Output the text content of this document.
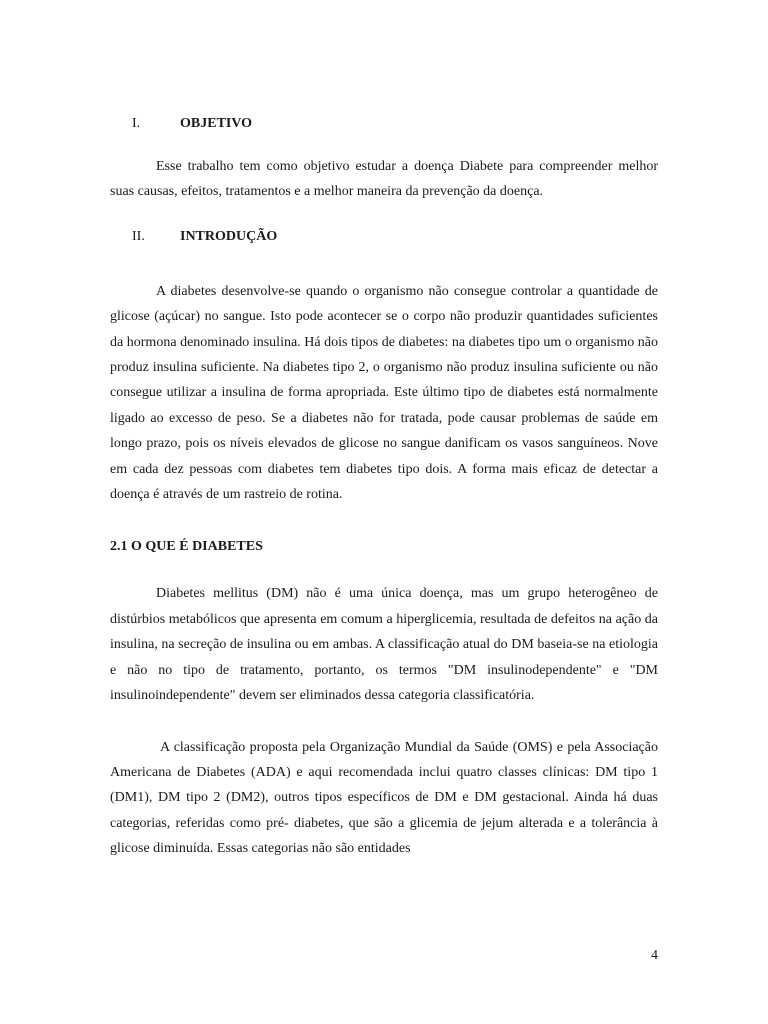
I.	OBJETIVO

Esse trabalho tem como objetivo estudar a doença Diabete para compreender melhor suas causas, efeitos, tratamentos e a melhor maneira da prevenção da doença.

II.	INTRODUÇÃO

A diabetes desenvolve-se quando o organismo não consegue controlar a quantidade de glicose (açúcar) no sangue. Isto pode acontecer se o corpo não produzir quantidades suficientes da hormona denominado insulina. Há dois tipos de diabetes: na diabetes tipo um o organismo não produz insulina suficiente. Na diabetes tipo 2, o organismo não produz insulina suficiente ou não consegue utilizar a insulina de forma apropriada. Este último tipo de diabetes está normalmente ligado ao excesso de peso. Se a diabetes não for tratada, pode causar problemas de saúde em longo prazo, pois os níveis elevados de glicose no sangue danificam os vasos sanguíneos. Nove em cada dez pessoas com diabetes tem diabetes tipo dois. A forma mais eficaz de detectar a doença é através de um rastreio de rotina.

2.1 O QUE É DIABETES

Diabetes mellitus (DM) não é uma única doença, mas um grupo heterogêneo de distúrbios metabólicos que apresenta em comum a hiperglicemia, resultada de defeitos na ação da insulina, na secreção de insulina ou em ambas. A classificação atual do DM baseia-se na etiologia e não no tipo de tratamento, portanto, os termos "DM insulinodependente" e "DM insulinoindependente" devem ser eliminados dessa categoria classificatória.

A classificação proposta pela Organização Mundial da Saúde (OMS) e pela Associação Americana de Diabetes (ADA) e aqui recomendada inclui quatro classes clínicas: DM tipo 1 (DM1), DM tipo 2 (DM2), outros tipos específicos de DM e DM gestacional. Ainda há duas categorias, referidas como pré- diabetes, que são a glicemia de jejum alterada e a tolerância à glicose diminuída. Essas categorias não são entidades

4
